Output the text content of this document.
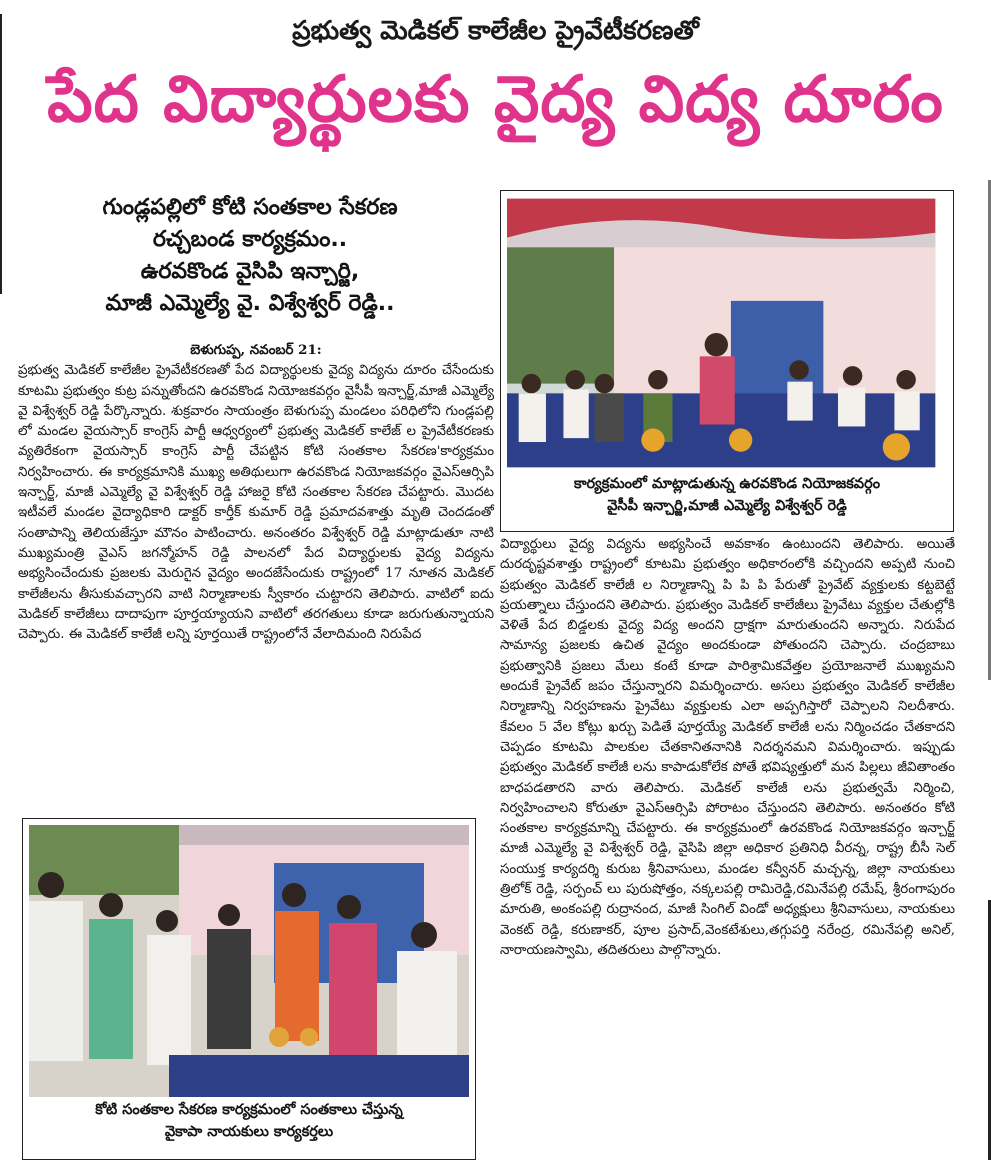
ప్రభుత్వ మెడికల్ కాలేజీల ప్రైవేటీకరణతో
పేద విద్యార్థులకు వైద్య విద్య దూరం
గుండ్లపల్లిలో కోటి సంతకాల సేకరణ
రచ్చబండ కార్యక్రమం..
ఉరవకొండ వైసిపి ఇన్చార్జి,
మాజీ ఎమ్మెల్యే వై. విశ్వేశ్వర్ రెడ్డి..
బెళుగుప్ప, నవంబర్ 21:
ప్రభుత్వ మెడికల్ కాలేజీల ప్రైవేటీకరణతో పేద విద్యార్థులకు వైద్య విద్యను దూరం చేసేందుకు కూటమి ప్రభుత్వం కుట్ర పన్నుతోందని ఉరవకొండ నియోజకవర్గం వైసీపీ ఇన్చార్జ్,మాజీ ఎమ్మెల్యే వై విశ్వేశ్వర్ రెడ్డి పేర్కొన్నారు. శుక్రవారం సాయంత్రం బెళుగుప్ప మండలం పరిధిలోని గుండ్లపల్లి లో మండల వైయస్సార్ కాంగ్రెస్ పార్టీ ఆధ్వర్యంలో ప్రభుత్వ మెడికల్ కాలేజ్ ల ప్రైవేటీకరణకు వ్యతిరేకంగా వైయస్సార్ కాంగ్రెస్ పార్టీ చేపట్టిన కోటి సంతకాల సేకరణ'కార్యక్రమం నిర్వహించారు. ఈ కార్యక్రమానికి ముఖ్య అతిథులుగా ఉరవకొండ నియోజకవర్గం వైఎస్ఆర్సిపి ఇన్చార్జ్, మాజీ ఎమ్మెల్యే వై విశ్వేశ్వర్ రెడ్డి హాజరై కోటి సంతకాల సేకరణ చేపట్టారు. మొదట ఇటీవలే మండల వైద్యాధికారి డాక్టర్ కార్తీక్ కుమార్ రెడ్డి ప్రమాదవశాత్తు మృతి చెందడంతో సంతాపాన్ని తెలియజేస్తూ మౌనం పాటించారు. అనంతరం విశ్వేశ్వర్ రెడ్డి మాట్లాడుతూ నాటి ముఖ్యమంత్రి వైఎస్ జగన్మోహన్ రెడ్డి పాలనలో పేద విద్యార్థులకు వైద్య విద్యను అభ్యసించేందుకు ప్రజలకు మెరుగైన వైద్యం అందజేసేందుకు రాష్ట్రంలో 17 నూతన మెడికల్ కాలేజీలను తీసుకువచ్చారని వాటి నిర్మాణాలకు స్వీకారం చుట్టారని తెలిపారు. వాటిలో ఐదు మెడికల్ కాలేజీలు దాదాపుగా పూర్తయ్యాయని వాటిలో తరగతులు కూడా జరుగుతున్నాయని చెప్పారు. ఈ మెడికల్ కాలేజీ లన్ని పూర్తయితే రాష్ట్రంలోనే వేలాదిమంది నిరుపేద
కార్యక్రమంలో మాట్లాడుతున్న ఉరవకొండ నియోజకవర్గం
వైసీపీ ఇన్చార్జి,మాజీ ఎమ్మెల్యే విశ్వేశ్వర్ రెడ్డి
విద్యార్థులు వైద్య విద్యను అభ్యసించే అవకాశం ఉంటుందని తెలిపారు. అయితే దురదృష్టవశాత్తు రాష్ట్రంలో కూటమి ప్రభుత్వం అధికారంలోకి వచ్చిందని అప్పటి నుంచి ప్రభుత్వం మెడికల్ కాలేజీ ల నిర్మాణాన్ని పి పి పి పేరుతో ప్రైవేట్ వ్యక్తులకు కట్టబెట్టే ప్రయత్నాలు చేస్తుందని తెలిపారు. ప్రభుత్వం మెడికల్ కాలేజీలు ప్రైవేటు వ్యక్తుల చేతుల్లోకి వెళితే పేద బిడ్డలకు వైద్య విద్య అందని ద్రాక్షగా మారుతుందని అన్నారు. నిరుపేద సామాన్య ప్రజలకు ఉచిత వైద్యం అందకుండా పోతుందని చెప్పారు. చంద్రబాబు ప్రభుత్వానికి ప్రజలు మేలు కంటే కూడా పారిశ్రామికవేత్తల ప్రయోజనాలే ముఖ్యమని అందుకే ప్రైవేట్ జపం చేస్తున్నారని విమర్శించారు. అసలు ప్రభుత్వం మెడికల్ కాలేజీల నిర్మాణాన్ని నిర్వహణను ప్రైవేటు వ్యక్తులకు ఎలా అప్పగిస్తారో చెప్పాలని నిలదీశారు. కేవలం 5 వేల కోట్లు ఖర్చు పెడితే పూర్తయ్యే మెడికల్ కాలేజీ లను నిర్మించడం చేతకాదని చెప్పడం కూటమి పాలకుల చేతకానితనానికి నిదర్శనమని విమర్శించారు. ఇప్పుడు ప్రభుత్వం మెడికల్ కాలేజీ లను కాపాడుకోలేక పోతే భవిష్యత్తులో మన పిల్లలు జీవితాంతం బాధపడతారని వారు తెలిపారు. మెడికల్ కాలేజీ లను ప్రభుత్వమే నిర్మించి, నిర్వహించాలని కోరుతూ వైఎస్ఆర్సిపి పోరాటం చేస్తుందని తెలిపారు. అనంతరం కోటి సంతకాల కార్యక్రమాన్ని చేపట్టారు. ఈ కార్యక్రమంలో ఉరవకొండ నియోజకవర్గం ఇన్చార్జ్ మాజీ ఎమ్మెల్యే వై విశ్వేశ్వర్ రెడ్డి, వైసిపి జిల్లా అధికార ప్రతినిధి వీరన్న, రాష్ట్ర బీసీ సెల్ సంయుక్త కార్యదర్శి కురుబ శ్రీనివాసులు, మండల కన్వీనర్ మచ్చన్న, జిల్లా నాయకులు త్రిలోక్ రెడ్డి, సర్పంచ్ లు పురుషోత్తం, నక్కలపల్లి రామిరెడ్డి,రమినేపల్లి రమేష్, శ్రీరంగాపురం మారుతి, అంకంపల్లి రుద్రానంద, మాజీ సింగిల్ విండో అధ్యక్షులు శ్రీనివాసులు, నాయకులు వెంకట్ రెడ్డి, కరుణాకర్, పూల ప్రసాద్,వెంకటేశులు,తగ్గుపర్తి నరేంద్ర, రమినేపల్లి అనిల్, నారాయణస్వామి, తదితరులు పాల్గొన్నారు.
కోటి సంతకాల సేకరణ కార్యక్రమంలో సంతకాలు చేస్తున్న
వైకాపా నాయకులు కార్యకర్తలు
